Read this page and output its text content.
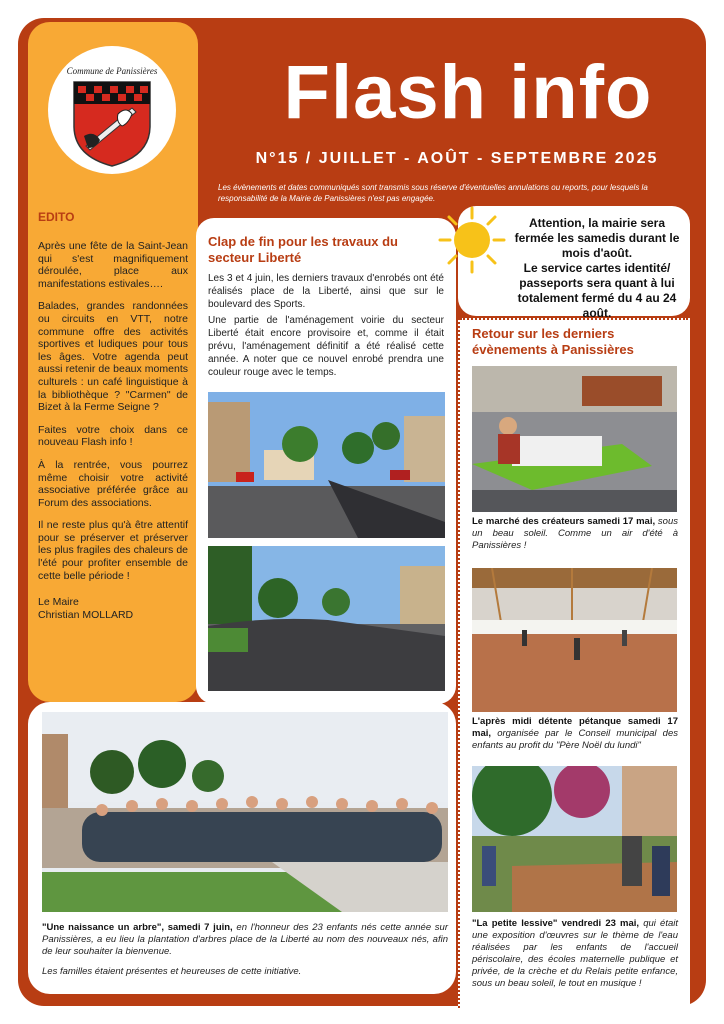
Commune de Panissières
EDITO

Après une fête de la Saint-Jean qui s'est magnifiquement déroulée, place aux manifestations estivales….

Balades, grandes randonnées ou circuits en VTT, notre commune offre des activités sportives et ludiques pour tous les âges. Votre agenda peut aussi retenir de beaux moments culturels : un café linguistique à la bibliothèque ? "Carmen" de Bizet à la Ferme Seigne ?

Faites votre choix dans ce nouveau Flash info !

À la rentrée, vous pourrez même choisir votre activité associative préférée grâce au Forum des associations.

Il ne reste plus qu'à être attentif pour se préserver et préserver les plus fragiles des chaleurs de l'été pour profiter ensemble de cette belle période !

Le Maire
Christian MOLLARD
Flash info
N°15 / JUILLET - AOÛT - SEPTEMBRE 2025
Les évènements et dates communiqués sont transmis sous réserve d'éventuelles annulations ou reports, pour lesquels la responsabilité de la Mairie de Panissières n'est pas engagée.
Attention, la mairie sera fermée les samedis durant le mois d'août.
Le service cartes identité/ passeports sera quant à lui totalement fermé du 4 au 24 août.
Clap de fin pour les travaux du secteur Liberté

Les 3 et 4 juin, les derniers travaux d'enrobés ont été réalisés place de la Liberté, ainsi que sur le boulevard des Sports.

Une partie de l'aménagement voirie du secteur Liberté était encore provisoire et, comme il était prévu, l'aménagement définitif a été réalisé cette année. A noter que ce nouvel enrobé prendra une couleur rouge avec le temps.

Retour sur les derniers évènements à Panissières
Le marché des créateurs samedi 17 mai, sous un beau soleil. Comme un air d'été à Panissières !
L'après midi détente pétanque samedi 17 mai, organisée par le Conseil municipal des enfants au profit du "Père Noël du lundi"
"La petite lessive" vendredi 23 mai, qui était une exposition d'œuvres sur le thème de l'eau réalisées par les enfants de l'accueil périscolaire, des écoles maternelle publique et privée, de la crèche et du Relais petite enfance, sous un beau soleil, le tout en musique !
"Une naissance un arbre", samedi 7 juin, en l'honneur des 23 enfants nés cette année sur Panissières, a eu lieu la plantation d'arbres place de la Liberté au nom des nouveaux nés, afin de leur souhaiter la bienvenue.
Les familles étaient présentes et heureuses de cette initiative.
